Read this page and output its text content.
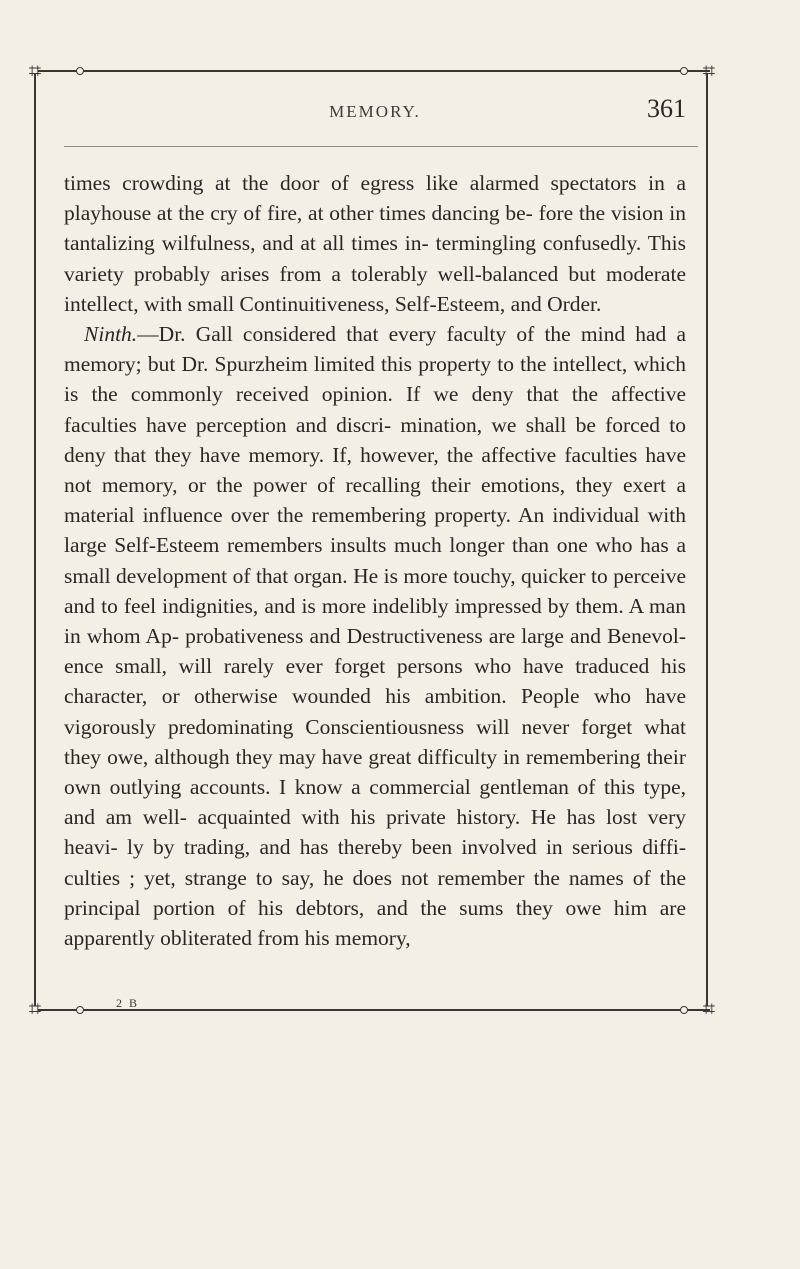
⌗	⌗
⌗	⌗
MEMORY.	361

times crowding at the door of egress like alarmed spectators in a playhouse at the cry of fire, at other times dancing be- fore the vision in tantalizing wilfulness, and at all times in- termingling confusedly. This variety probably arises from a tolerably well-balanced but moderate intellect, with small Continuitiveness, Self-Esteem, and Order.

Ninth.—Dr. Gall considered that every faculty of the mind had a memory; but Dr. Spurzheim limited this property to the intellect, which is the commonly received opinion. If we deny that the affective faculties have perception and discri- mination, we shall be forced to deny that they have memory. If, however, the affective faculties have not memory, or the power of recalling their emotions, they exert a material influence over the remembering property. An individual with large Self-Esteem remembers insults much longer than one who has a small development of that organ. He is more touchy, quicker to perceive and to feel indignities, and is more indelibly impressed by them. A man in whom Ap- probativeness and Destructiveness are large and Benevol- ence small, will rarely ever forget persons who have traduced his character, or otherwise wounded his ambition. People who have vigorously predominating Conscientiousness will never forget what they owe, although they may have great difficulty in remembering their own outlying accounts. I know a commercial gentleman of this type, and am well- acquainted with his private history. He has lost very heavi- ly by trading, and has thereby been involved in serious diffi- culties ; yet, strange to say, he does not remember the names of the principal portion of his debtors, and the sums they owe him are apparently obliterated from his memory,

2 B
